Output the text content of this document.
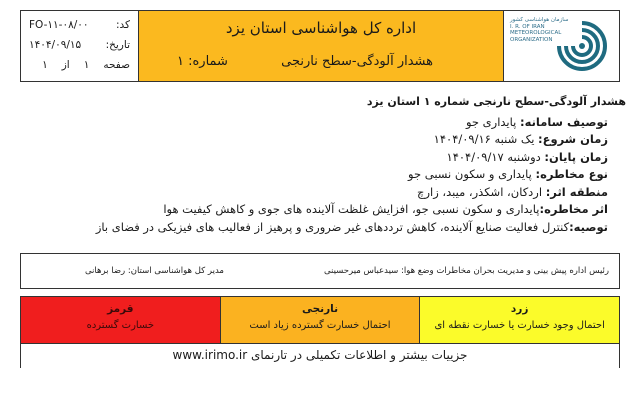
کد:
FO-۱۱-۰۸/۰۰
تاریخ:
۱۴۰۴/۰۹/۱۵
صفحه
۱
از
۱
اداره کل هواشناسی استان یزد
هشدار آلودگی-سطح نارنجی
شماره: ۱
سازمان هواشناسی کشور
I. R. OF IRAN
METEOROLOGICAL
ORGANIZATION
هشدار آلودگی-سطح نارنجی شماره ۱ استان یزد
توصیف سامانه: پایداری جو
زمان شروع: یک شنبه ۱۴۰۴/۰۹/۱۶
زمان پایان: دوشنبه ۱۴۰۴/۰۹/۱۷
نوع مخاطره: پایداری و سکون نسبی جو
منطقه اثر: اردکان، اشکذر، میبد، زارچ
اثر مخاطره:پایداری و سکون نسبی جو، افزایش غلظت آلاینده های جوی و کاهش کیفیت هوا
توصیه:کنترل فعالیت صنایع آلاینده، کاهش ترددهای غیر ضروری و پرهیز از فعالیب های فیزیکی در فضای باز
رئیس اداره پیش بینی و مدیریت بحران مخاطرات وضع هوا: سیدعباس میرحسینی
مدیر کل هواشناسی استان: رضا برهانی
زرد
احتمال وجود خسارت یا خسارت نقطه ای
نارنجی
احتمال خسارت گسترده زیاد است
قرمز
خسارت گسترده
جزییات بیشتر و اطلاعات تکمیلی در تارنمای www.irimo.ir
